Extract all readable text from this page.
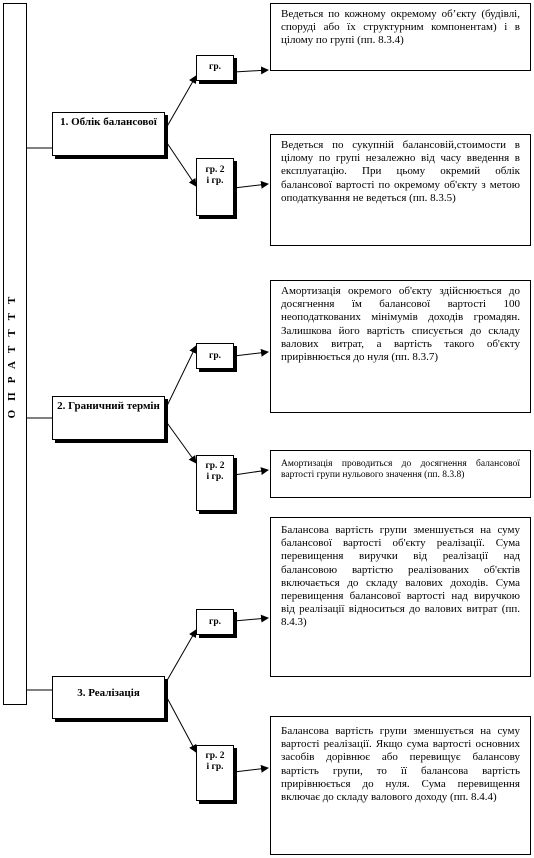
ОПРАТТТТ
1. Облік балансової
2. Граничний термін
3. Реалізація
гр.
гр. 2 і гр.
гр.
гр. 2 і гр.
гр.
гр. 2 і гр.
Ведеться по кожному окремому об’єкту (будівлі, споруді або їх структурним компонентам) і в цілому по групі (пп. 8.3.4)
Ведеться по сукупній балансовій,стоимости в цілому по групі незалежно від часу введення в експлуатацію. При цьому окремий облік балансової вартості по окремому об'єкту з метою оподаткування не ведеться (пп. 8.3.5)
Амортизація окремого об'єкту здійснюється до досягнення їм балансової вартості 100 неоподаткованих мінімумів доходів громадян. Залишкова його вартість списується до складу валових витрат, а вартість такого об'єкту прирівнюється до нуля (пп. 8.3.7)
Амортизація проводиться до досягнення балансової вартості групи нульового значення (пп. 8.3.8)
Балансова вартість групи зменшується на суму балансової вартості об'єкту реалізації. Сума перевищення виручки від реалізації над балансовою вартістю реалізованих об'єктів включається до складу валових доходів. Сума перевищення балансової вартості над виручкою від реалізації відноситься до валових витрат (пп. 8.4.3)
Балансова вартість групи зменшується на суму вартості реалізації. Якщо сума вартості основних засобів дорівнює або перевищує балансову вартість групи, то її балансова вартість прирівнюється до нуля. Сума перевищення включає до складу валового доходу (пп. 8.4.4)
